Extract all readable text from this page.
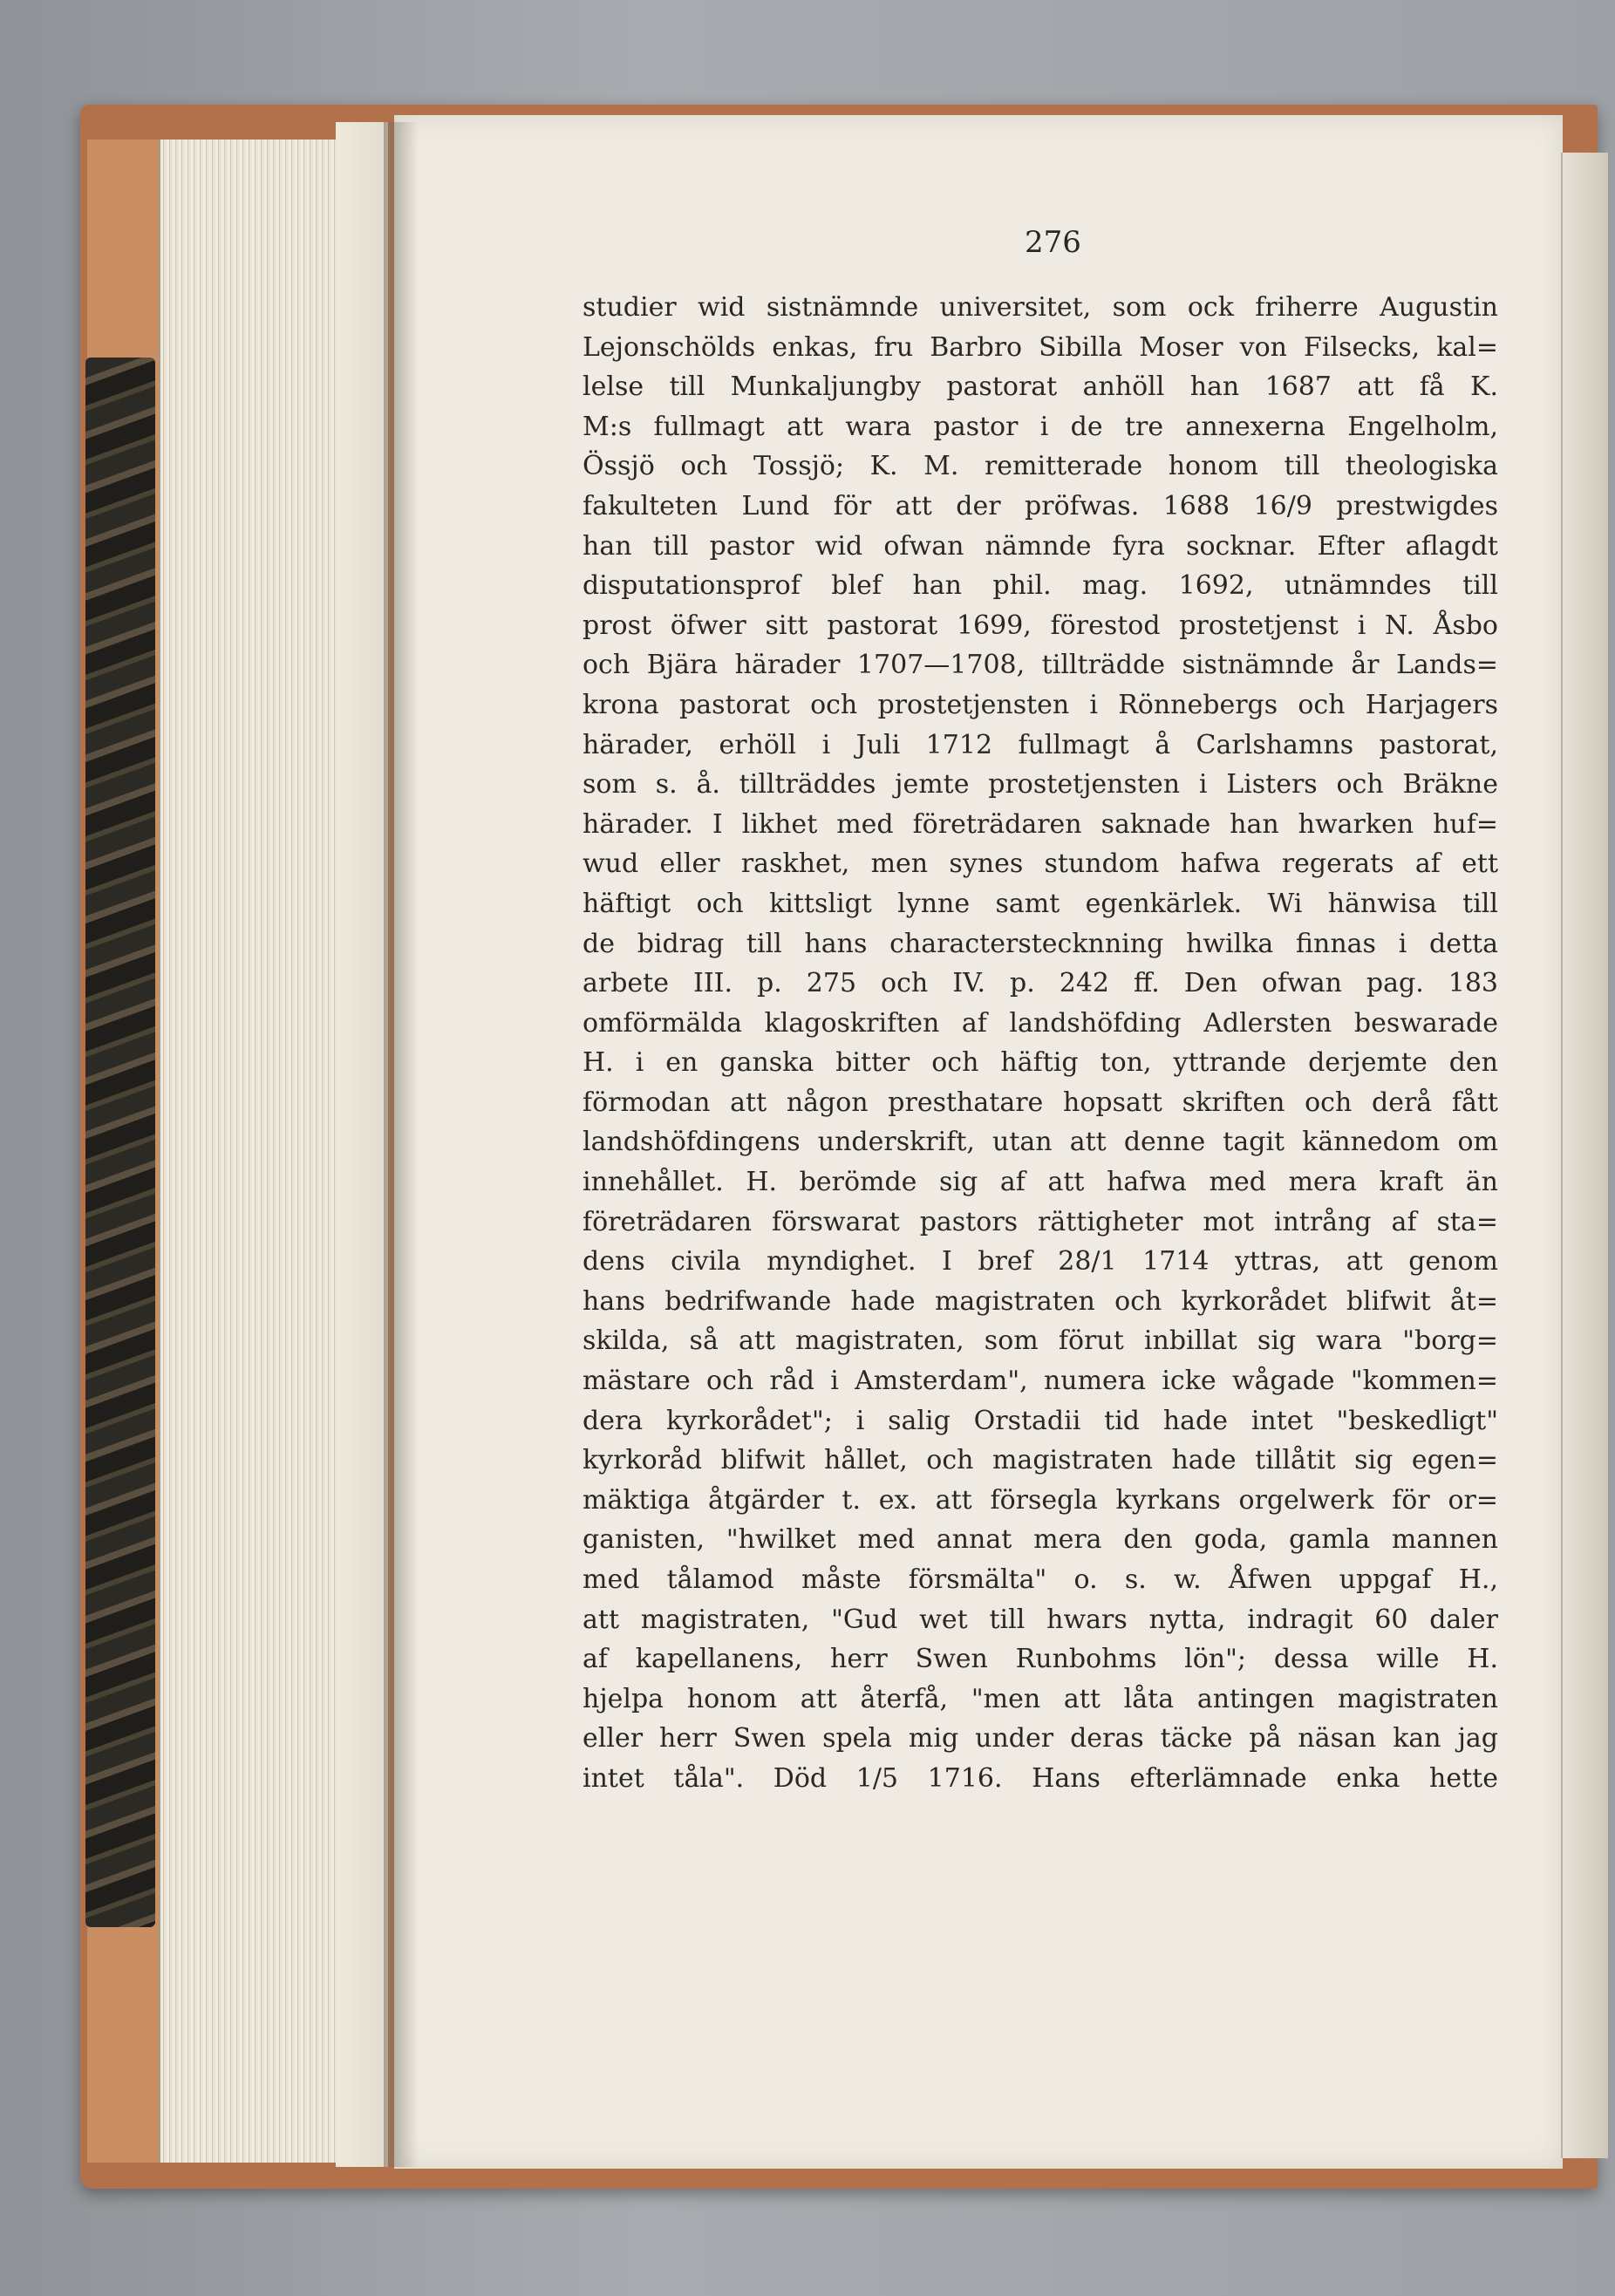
276
studier wid sistnämnde universitet, som ock friherre Augustin
Lejonschölds enkas, fru Barbro Sibilla Moser von Filsecks, kal=
lelse till Munkaljungby pastorat anhöll han 1687 att få K.
M:s fullmagt att wara pastor i de tre annexerna Engelholm,
Össjö och Tossjö; K. M. remitterade honom till theologiska
fakulteten Lund för att der pröfwas. 1688 16/9 prestwigdes
han till pastor wid ofwan nämnde fyra socknar. Efter aflagdt
disputationsprof blef han phil. mag. 1692, utnämndes till
prost öfwer sitt pastorat 1699, förestod prostetjenst i N. Åsbo
och Bjära härader 1707—1708, tillträdde sistnämnde år Lands=
krona pastorat och prostetjensten i Rönnebergs och Harjagers
härader, erhöll i Juli 1712 fullmagt å Carlshamns pastorat,
som s. å. tillträddes jemte prostetjensten i Listers och Bräkne
härader. I likhet med företrädaren saknade han hwarken huf=
wud eller raskhet, men synes stundom hafwa regerats af ett
häftigt och kittsligt lynne samt egenkärlek. Wi hänwisa till
de bidrag till hans characterstecknning hwilka finnas i detta
arbete III. p. 275 och IV. p. 242 ff. Den ofwan pag. 183
omförmälda klagoskriften af landshöfding Adlersten beswarade
H. i en ganska bitter och häftig ton, yttrande derjemte den
förmodan att någon presthatare hopsatt skriften och derå fått
landshöfdingens underskrift, utan att denne tagit kännedom om
innehållet. H. berömde sig af att hafwa med mera kraft än
företrädaren förswarat pastors rättigheter mot intrång af sta=
dens civila myndighet. I bref 28/1 1714 yttras, att genom
hans bedrifwande hade magistraten och kyrkorådet blifwit åt=
skilda, så att magistraten, som förut inbillat sig wara "borg=
mästare och råd i Amsterdam", numera icke wågade "kommen=
dera kyrkorådet"; i salig Orstadii tid hade intet "beskedligt"
kyrkoråd blifwit hållet, och magistraten hade tillåtit sig egen=
mäktiga åtgärder t. ex. att försegla kyrkans orgelwerk för or=
ganisten, "hwilket med annat mera den goda, gamla mannen
med tålamod måste försmälta" o. s. w. Åfwen uppgaf H.,
att magistraten, "Gud wet till hwars nytta, indragit 60 daler
af kapellanens, herr Swen Runbohms lön"; dessa wille H.
hjelpa honom att återfå, "men att låta antingen magistraten
eller herr Swen spela mig under deras täcke på näsan kan jag
intet tåla". Död 1/5 1716. Hans efterlämnade enka hette
